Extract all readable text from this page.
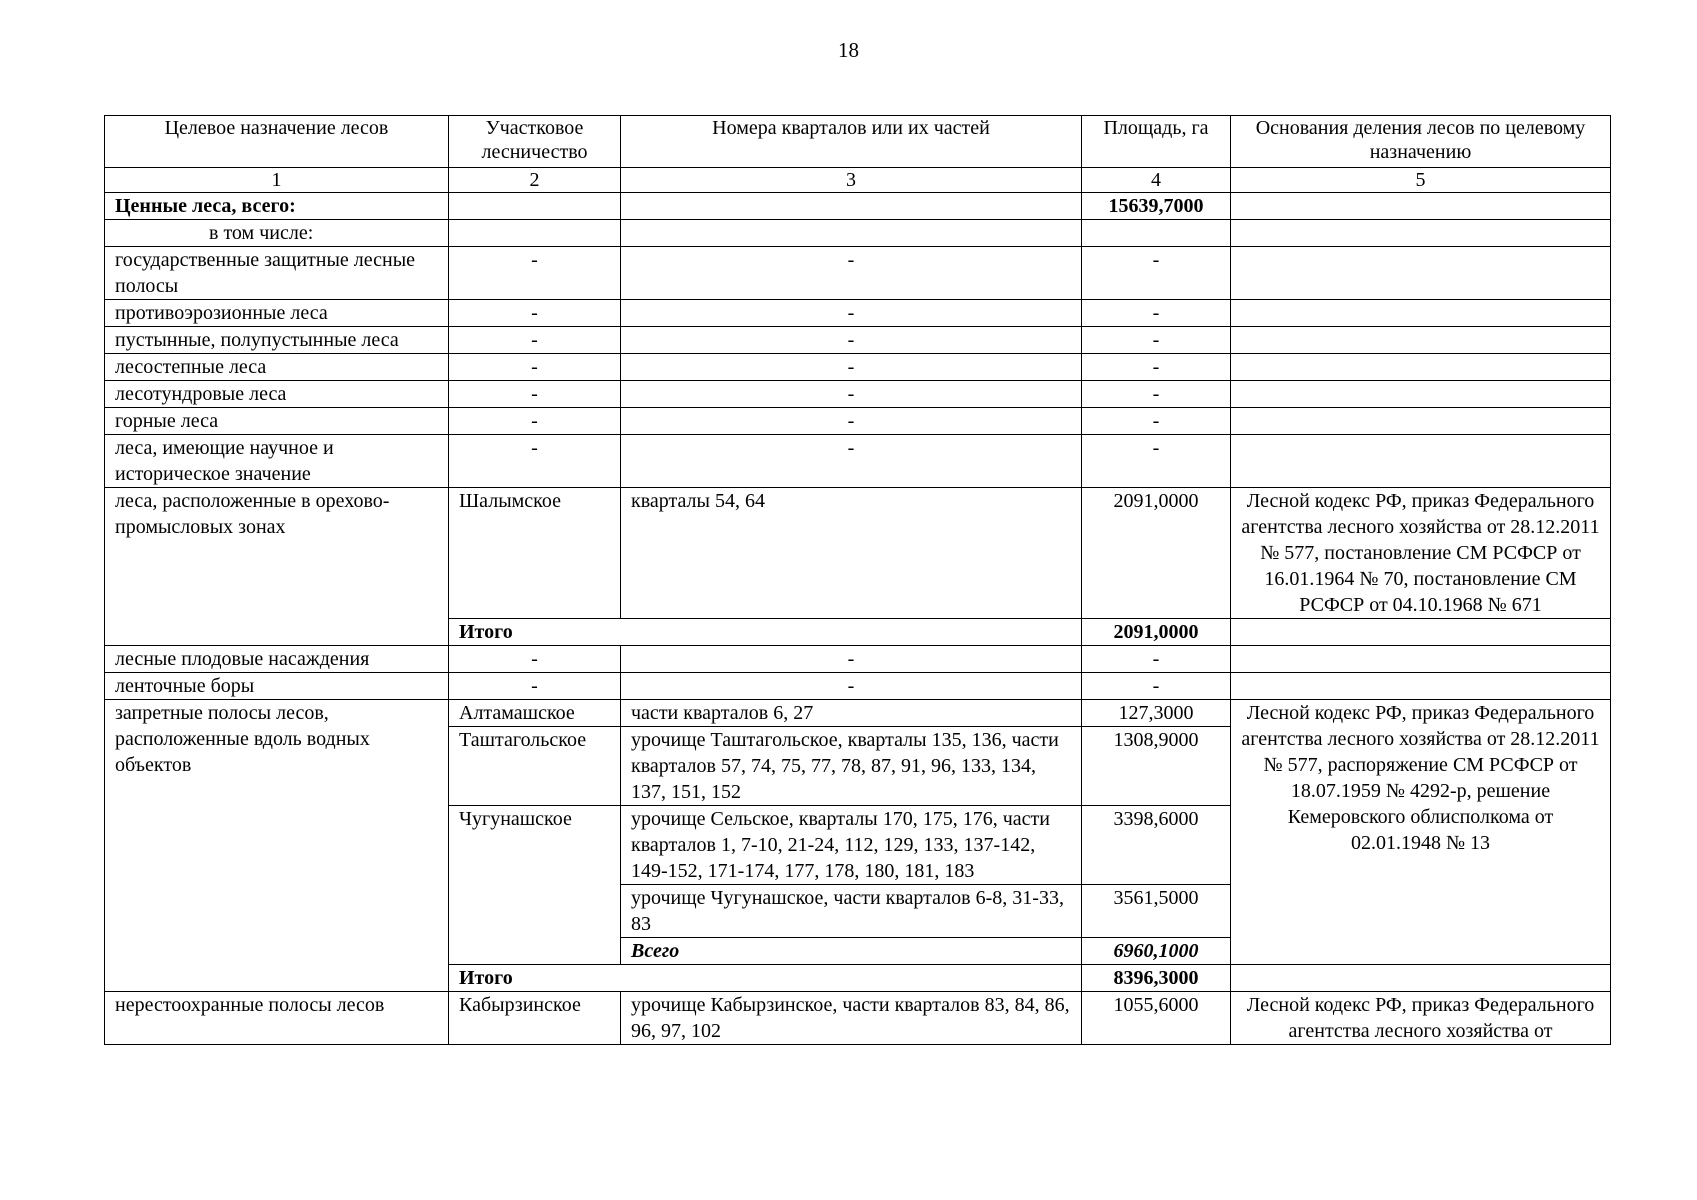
18
Целевое назначение лесов	Участковое лесничество	Номера кварталов или их частей	Площадь, га	Основания деления лесов по целевому назначению
1	2	3	4	5
Ценные леса, всего:			15639,7000	
в том числе:				
государственные защитные лесные полосы	-	-	-	
противоэрозионные леса	-	-	-	
пустынные, полупустынные леса	-	-	-	
лесостепные леса	-	-	-	
лесотундровые леса	-	-	-	
горные леса	-	-	-	
леса, имеющие научное и историческое значение	-	-	-	
леса, расположенные в орехово-промысловых зонах	Шалымское	кварталы 54, 64	2091,0000	Лесной кодекс РФ, приказ Федерального агентства лесного хозяйства от 28.12.2011 № 577, постановление СМ РСФСР от 16.01.1964 № 70, постановление СМ РСФСР от 04.10.1968 № 671
	Итого		2091,0000	
лесные плодовые насаждения	-	-	-	
ленточные боры	-	-	-	
запретные полосы лесов, расположенные вдоль водных объектов	Алтамашское	части кварталов 6, 27	127,3000	Лесной кодекс РФ, приказ Федерального агентства лесного хозяйства от 28.12.2011 № 577, распоряжение СМ РСФСР от 18.07.1959 № 4292-р, решение Кемеровского облисполкома от 02.01.1948 № 13
	Таштагольское	урочище Таштагольское, кварталы 135, 136, части кварталов 57, 74, 75, 77, 78, 87, 91, 96, 133, 134, 137, 151, 152	1308,9000	
	Чугунашское	урочище Сельское, кварталы 170, 175, 176, части кварталов 1, 7-10, 21-24, 112, 129, 133, 137-142, 149-152, 171-174, 177, 178, 180, 181, 183	3398,6000	
		урочище Чугунашское, части кварталов 6-8, 31-33, 83	3561,5000	
		Всего	6960,1000	
	Итого		8396,3000	
нерестоохранные полосы лесов	Кабырзинское	урочище Кабырзинское, части кварталов 83, 84, 86, 96, 97, 102	1055,6000	Лесной кодекс РФ, приказ Федерального агентства лесного хозяйства от
